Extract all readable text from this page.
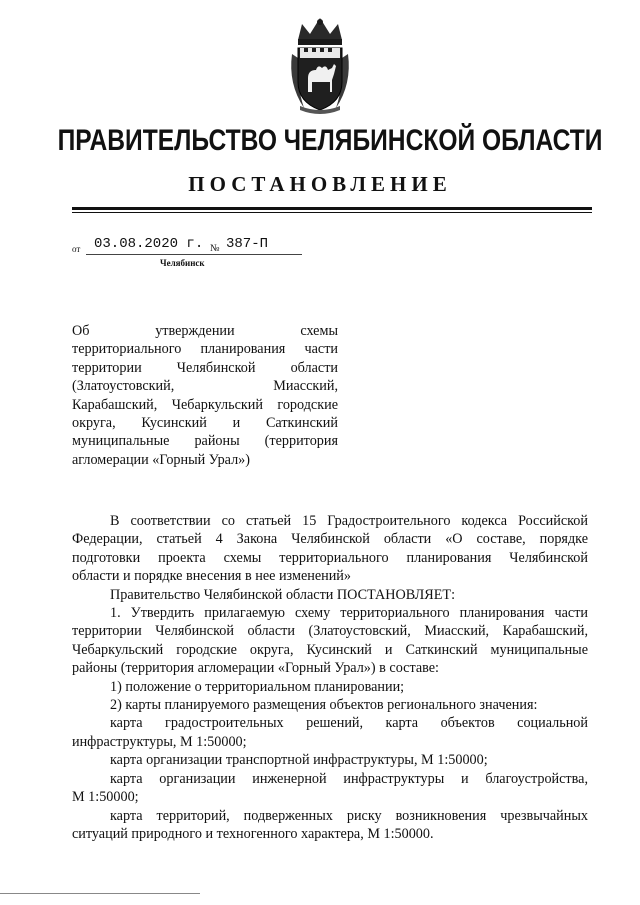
ПРАВИТЕЛЬСТВО ЧЕЛЯБИНСКОЙ ОБЛАСТИ
ПОСТАНОВЛЕНИЕ
от 03.08.2020 г. № 387-П
Челябинск
Об утверждении схемы
территориального планирования части
территории Челябинской области
(Златоустовский, Миасский,
Карабашский, Чебаркульский городские
округа, Кусинский и Саткинский
муниципальные районы (территория
агломерации «Горный Урал»)
В соответствии со статьей 15 Градостроительного кодекса Российской
Федерации, статьей 4 Закона Челябинской области «О составе, порядке
подготовки проекта схемы территориального планирования Челябинской
области и порядке внесения в нее изменений»
Правительство Челябинской области ПОСТАНОВЛЯЕТ:
1. Утвердить прилагаемую схему территориального планирования части
территории Челябинской области (Златоустовский, Миасский, Карабашский,
Чебаркульский городские округа, Кусинский и Саткинский муниципальные
районы (территория агломерации «Горный Урал») в составе:
1) положение о территориальном планировании;
2) карты планируемого размещения объектов регионального значения:
карта градостроительных решений, карта объектов социальной
инфраструктуры, М 1:50000;
карта организации транспортной инфраструктуры, М 1:50000;
карта организации инженерной инфраструктуры и благоустройства,
М 1:50000;
карта территорий, подверженных риску возникновения чрезвычайных
ситуаций природного и техногенного характера, М 1:50000.
